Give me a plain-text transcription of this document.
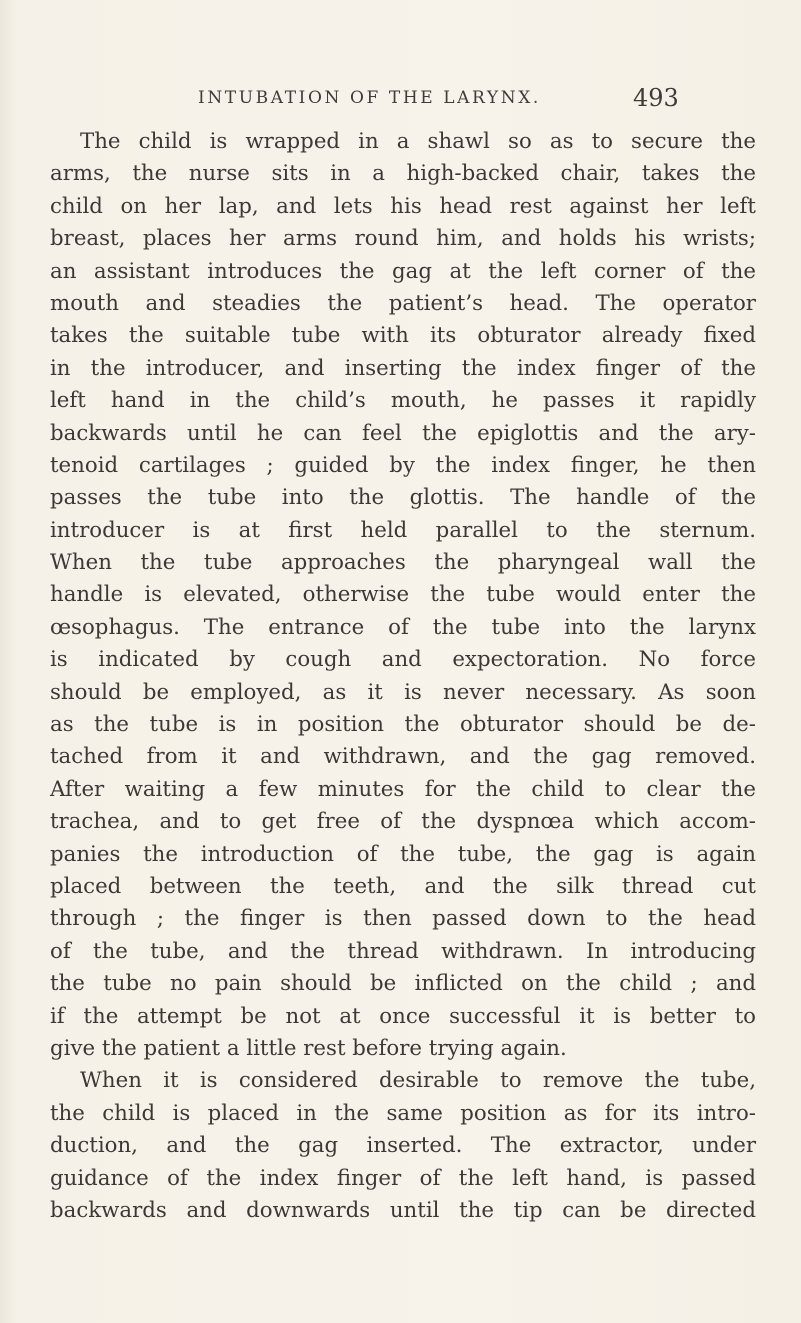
INTUBATION OF THE LARYNX.	493
The child is wrapped in a shawl so as to secure the
arms, the nurse sits in a high-backed chair, takes the
child on her lap, and lets his head rest against her left
breast, places her arms round him, and holds his wrists;
an assistant introduces the gag at the left corner of the
mouth and steadies the patient’s head. The operator
takes the suitable tube with its obturator already fixed
in the introducer, and inserting the index finger of the
left hand in the child’s mouth, he passes it rapidly
backwards until he can feel the epiglottis and the ary-
tenoid cartilages ; guided by the index finger, he then
passes the tube into the glottis. The handle of the
introducer is at first held parallel to the sternum.
When the tube approaches the pharyngeal wall the
handle is elevated, otherwise the tube would enter the
œsophagus. The entrance of the tube into the larynx
is indicated by cough and expectoration. No force
should be employed, as it is never necessary. As soon
as the tube is in position the obturator should be de-
tached from it and withdrawn, and the gag removed.
After waiting a few minutes for the child to clear the
trachea, and to get free of the dyspnœa which accom-
panies the introduction of the tube, the gag is again
placed between the teeth, and the silk thread cut
through ; the finger is then passed down to the head
of the tube, and the thread withdrawn. In introducing
the tube no pain should be inflicted on the child ; and
if the attempt be not at once successful it is better to
give the patient a little rest before trying again.
When it is considered desirable to remove the tube,
the child is placed in the same position as for its intro-
duction, and the gag inserted. The extractor, under
guidance of the index finger of the left hand, is passed
backwards and downwards until the tip can be directed
